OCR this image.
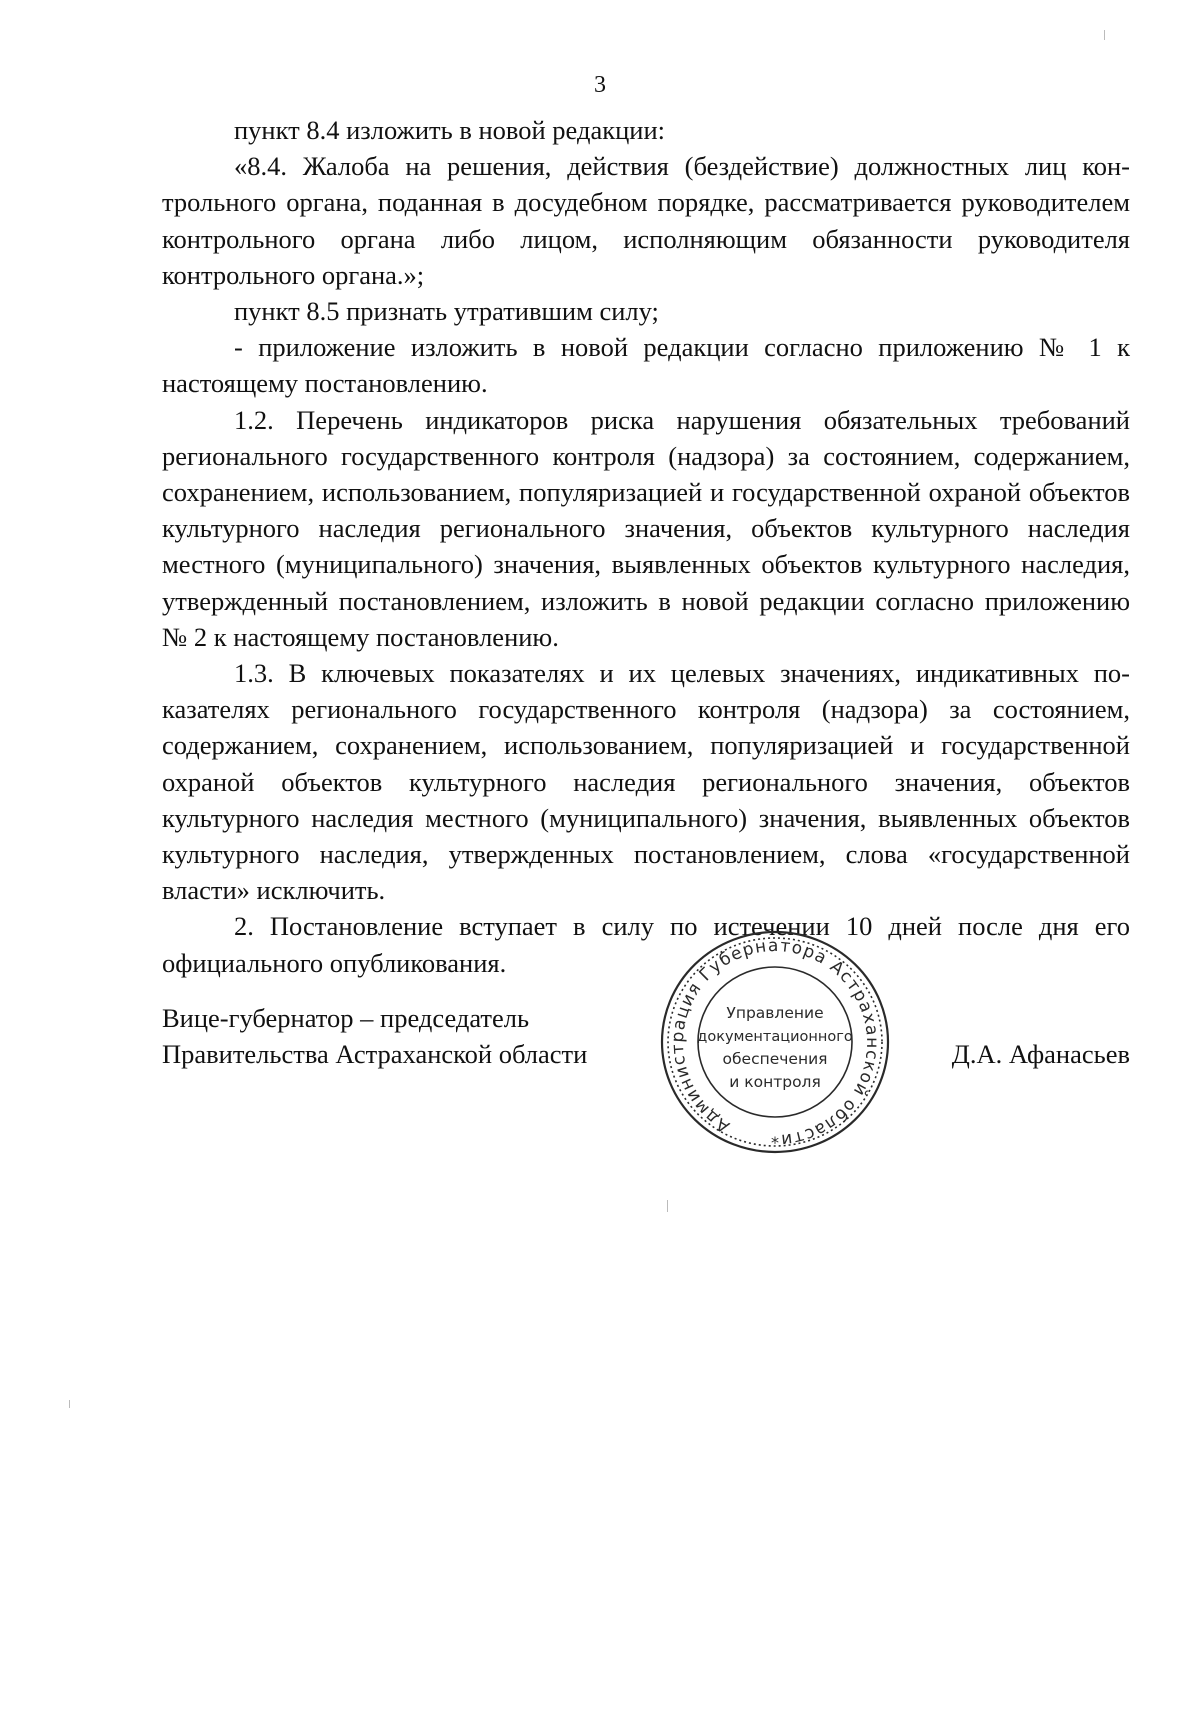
3

пункт 8.4 изложить в новой редакции:

«8.4. Жалоба на решения, действия (бездействие) должностных лиц контрольного органа, поданная в досудебном порядке, рассматривается руководителем контрольного органа либо лицом, исполняющим обязанности руководителя контрольного органа.»;

пункт 8.5 признать утратившим силу;

- приложение изложить в новой редакции согласно приложению № 1 к настоящему постановлению.

1.2. Перечень индикаторов риска нарушения обязательных требований регионального государственного контроля (надзора) за состоянием, содержанием, сохранением, использованием, популяризацией и государственной охраной объектов культурного наследия регионального значения, объектов культурного наследия местного (муниципального) значения, выявленных объектов культурного наследия, утвержденный постановлением, изложить в новой редакции согласно приложению № 2 к настоящему постановлению.

1.3. В ключевых показателях и их целевых значениях, индикативных показателях регионального государственного контроля (надзора) за состоянием, содержанием, сохранением, использованием, популяризацией и государственной охраной объектов культурного наследия регионального значения, объектов культурного наследия местного (муниципального) значения, выявленных объектов культурного наследия, утвержденных постановлением, слова «государственной власти» исключить.

2. Постановление вступает в силу по истечении 10 дней после дня его официального опубликования.

Вице-губернатор – председатель
Правительства Астраханской области	Д.А. Афанасьев
Администрация Губернатора Астраханской области
*
Управление
документационного
обеспечения
и контроля
